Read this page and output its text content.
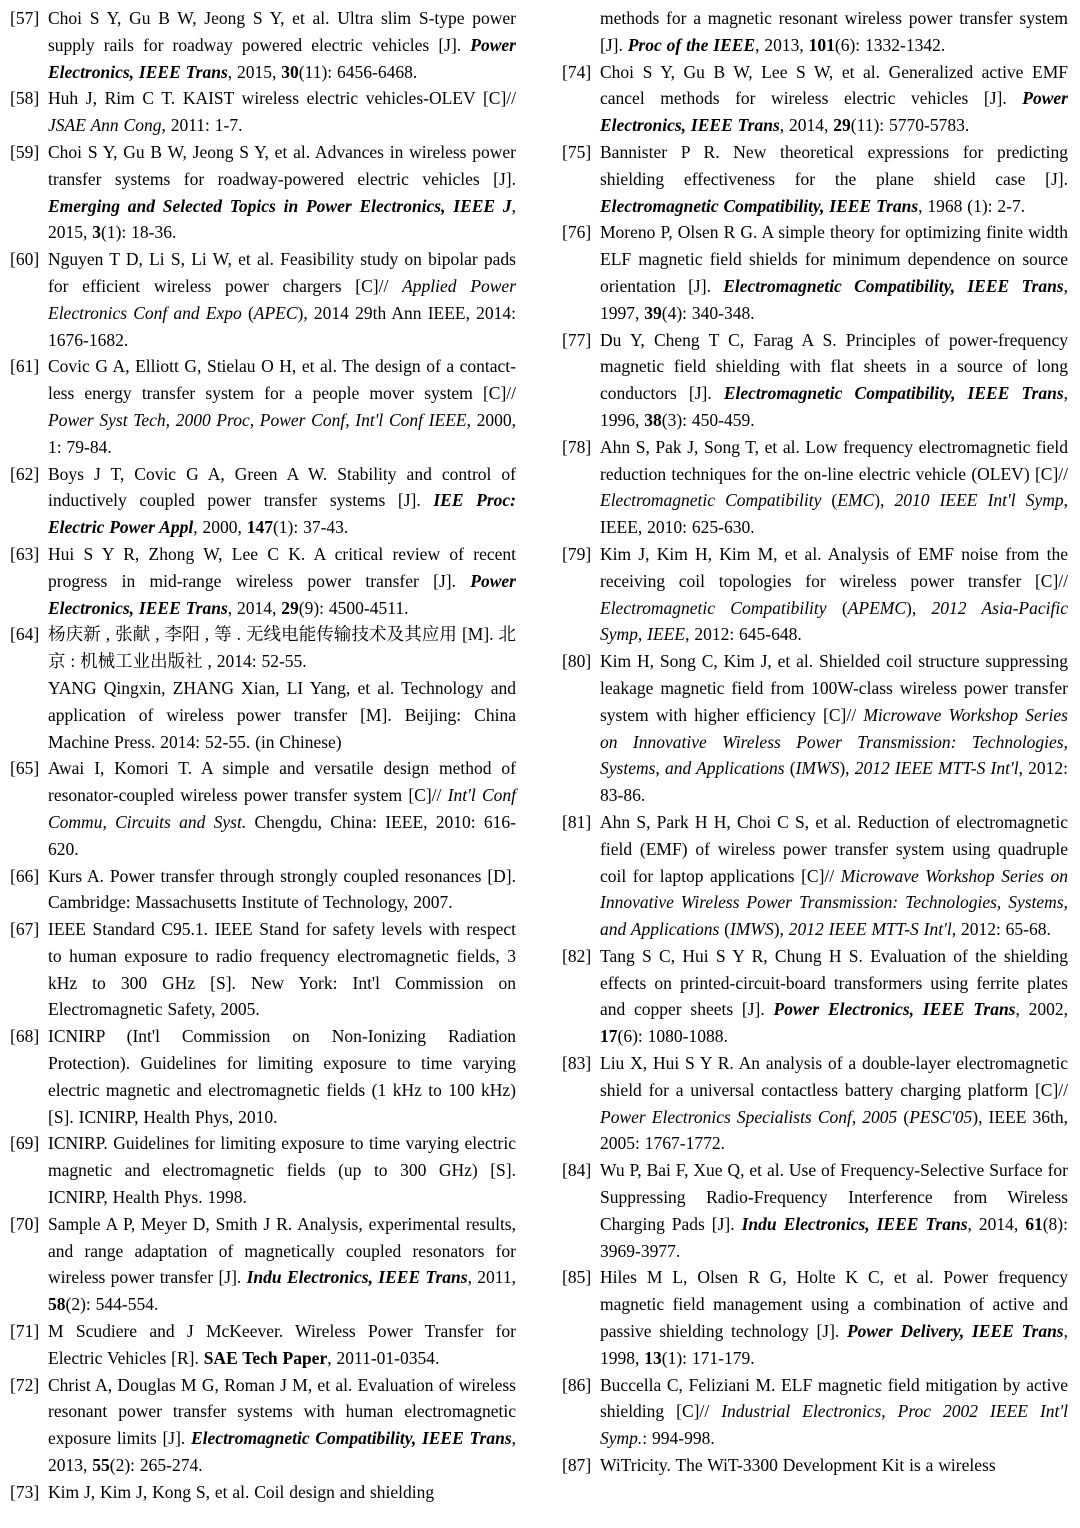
[57] Choi S Y, Gu B W, Jeong S Y, et al. Ultra slim S-type power supply rails for roadway powered electric vehicles [J]. Power Electronics, IEEE Trans, 2015, 30(11): 6456-6468.
[58] Huh J, Rim C T. KAIST wireless electric vehicles-OLEV [C]// JSAE Ann Cong, 2011: 1-7.
[59] Choi S Y, Gu B W, Jeong S Y, et al. Advances in wireless power transfer systems for roadway-powered electric vehicles [J]. Emerging and Selected Topics in Power Electronics, IEEE J, 2015, 3(1): 18-36.
[60] Nguyen T D, Li S, Li W, et al. Feasibility study on bipolar pads for efficient wireless power chargers [C]// Applied Power Electronics Conf and Expo (APEC), 2014 29th Ann IEEE, 2014: 1676-1682.
[61] Covic G A, Elliott G, Stielau O H, et al. The design of a contact-less energy transfer system for a people mover system [C]// Power Syst Tech, 2000 Proc, Power Conf, Int'l Conf IEEE, 2000, 1: 79-84.
[62] Boys J T, Covic G A, Green A W. Stability and control of inductively coupled power transfer systems [J]. IEE Proc: Electric Power Appl, 2000, 147(1): 37-43.
[63] Hui S Y R, Zhong W, Lee C K. A critical review of recent progress in mid-range wireless power transfer [J]. Power Electronics, IEEE Trans, 2014, 29(9): 4500-4511.
[64] 杨庆新 , 张献 , 李阳 , 等 . 无线电能传输技术及其应用 [M]. 北京 : 机械工业出版社 , 2014: 52-55.
YANG Qingxin, ZHANG Xian, LI Yang, et al. Technology and application of wireless power transfer [M]. Beijing: China Machine Press. 2014: 52-55. (in Chinese)
[65] Awai I, Komori T. A simple and versatile design method of resonator-coupled wireless power transfer system [C]// Int'l Conf Commu, Circuits and Syst. Chengdu, China: IEEE, 2010: 616-620.
[66] Kurs A. Power transfer through strongly coupled resonances [D]. Cambridge: Massachusetts Institute of Technology, 2007.
[67] IEEE Standard C95.1. IEEE Stand for safety levels with respect to human exposure to radio frequency electromagnetic fields, 3 kHz to 300 GHz [S]. New York: Int'l Commission on Electromagnetic Safety, 2005.
[68] ICNIRP (Int'l Commission on Non-Ionizing Radiation Protection). Guidelines for limiting exposure to time varying electric magnetic and electromagnetic fields (1 kHz to 100 kHz) [S]. ICNIRP, Health Phys, 2010.
[69] ICNIRP. Guidelines for limiting exposure to time varying electric magnetic and electromagnetic fields (up to 300 GHz) [S]. ICNIRP, Health Phys. 1998.
[70] Sample A P, Meyer D, Smith J R. Analysis, experimental results, and range adaptation of magnetically coupled resonators for wireless power transfer [J]. Indu Electronics, IEEE Trans, 2011, 58(2): 544-554.
[71] M Scudiere and J McKeever. Wireless Power Transfer for Electric Vehicles [R]. SAE Tech Paper, 2011-01-0354.
[72] Christ A, Douglas M G, Roman J M, et al. Evaluation of wireless resonant power transfer systems with human electromagnetic exposure limits [J]. Electromagnetic Compatibility, IEEE Trans, 2013, 55(2): 265-274.
[73] Kim J, Kim J, Kong S, et al. Coil design and shielding
methods for a magnetic resonant wireless power transfer system [J]. Proc of the IEEE, 2013, 101(6): 1332-1342.
[74] Choi S Y, Gu B W, Lee S W, et al. Generalized active EMF cancel methods for wireless electric vehicles [J]. Power Electronics, IEEE Trans, 2014, 29(11): 5770-5783.
[75] Bannister P R. New theoretical expressions for predicting shielding effectiveness for the plane shield case [J]. Electromagnetic Compatibility, IEEE Trans, 1968 (1): 2-7.
[76] Moreno P, Olsen R G. A simple theory for optimizing finite width ELF magnetic field shields for minimum dependence on source orientation [J]. Electromagnetic Compatibility, IEEE Trans, 1997, 39(4): 340-348.
[77] Du Y, Cheng T C, Farag A S. Principles of power-frequency magnetic field shielding with flat sheets in a source of long conductors [J]. Electromagnetic Compatibility, IEEE Trans, 1996, 38(3): 450-459.
[78] Ahn S, Pak J, Song T, et al. Low frequency electromagnetic field reduction techniques for the on-line electric vehicle (OLEV) [C]// Electromagnetic Compatibility (EMC), 2010 IEEE Int'l Symp, IEEE, 2010: 625-630.
[79] Kim J, Kim H, Kim M, et al. Analysis of EMF noise from the receiving coil topologies for wireless power transfer [C]// Electromagnetic Compatibility (APEMC), 2012 Asia-Pacific Symp, IEEE, 2012: 645-648.
[80] Kim H, Song C, Kim J, et al. Shielded coil structure suppressing leakage magnetic field from 100W-class wireless power transfer system with higher efficiency [C]// Microwave Workshop Series on Innovative Wireless Power Transmission: Technologies, Systems, and Applications (IMWS), 2012 IEEE MTT-S Int'l, 2012: 83-86.
[81] Ahn S, Park H H, Choi C S, et al. Reduction of electromagnetic field (EMF) of wireless power transfer system using quadruple coil for laptop applications [C]// Microwave Workshop Series on Innovative Wireless Power Transmission: Technologies, Systems, and Applications (IMWS), 2012 IEEE MTT-S Int'l, 2012: 65-68.
[82] Tang S C, Hui S Y R, Chung H S. Evaluation of the shielding effects on printed-circuit-board transformers using ferrite plates and copper sheets [J]. Power Electronics, IEEE Trans, 2002, 17(6): 1080-1088.
[83] Liu X, Hui S Y R. An analysis of a double-layer electromagnetic shield for a universal contactless battery charging platform [C]// Power Electronics Specialists Conf, 2005 (PESC'05), IEEE 36th, 2005: 1767-1772.
[84] Wu P, Bai F, Xue Q, et al. Use of Frequency-Selective Surface for Suppressing Radio-Frequency Interference from Wireless Charging Pads [J]. Indu Electronics, IEEE Trans, 2014, 61(8): 3969-3977.
[85] Hiles M L, Olsen R G, Holte K C, et al. Power frequency magnetic field management using a combination of active and passive shielding technology [J]. Power Delivery, IEEE Trans, 1998, 13(1): 171-179.
[86] Buccella C, Feliziani M. ELF magnetic field mitigation by active shielding [C]// Industrial Electronics, Proc 2002 IEEE Int'l Symp.: 994-998.
[87] WiTricity. The WiT-3300 Development Kit is a wireless
